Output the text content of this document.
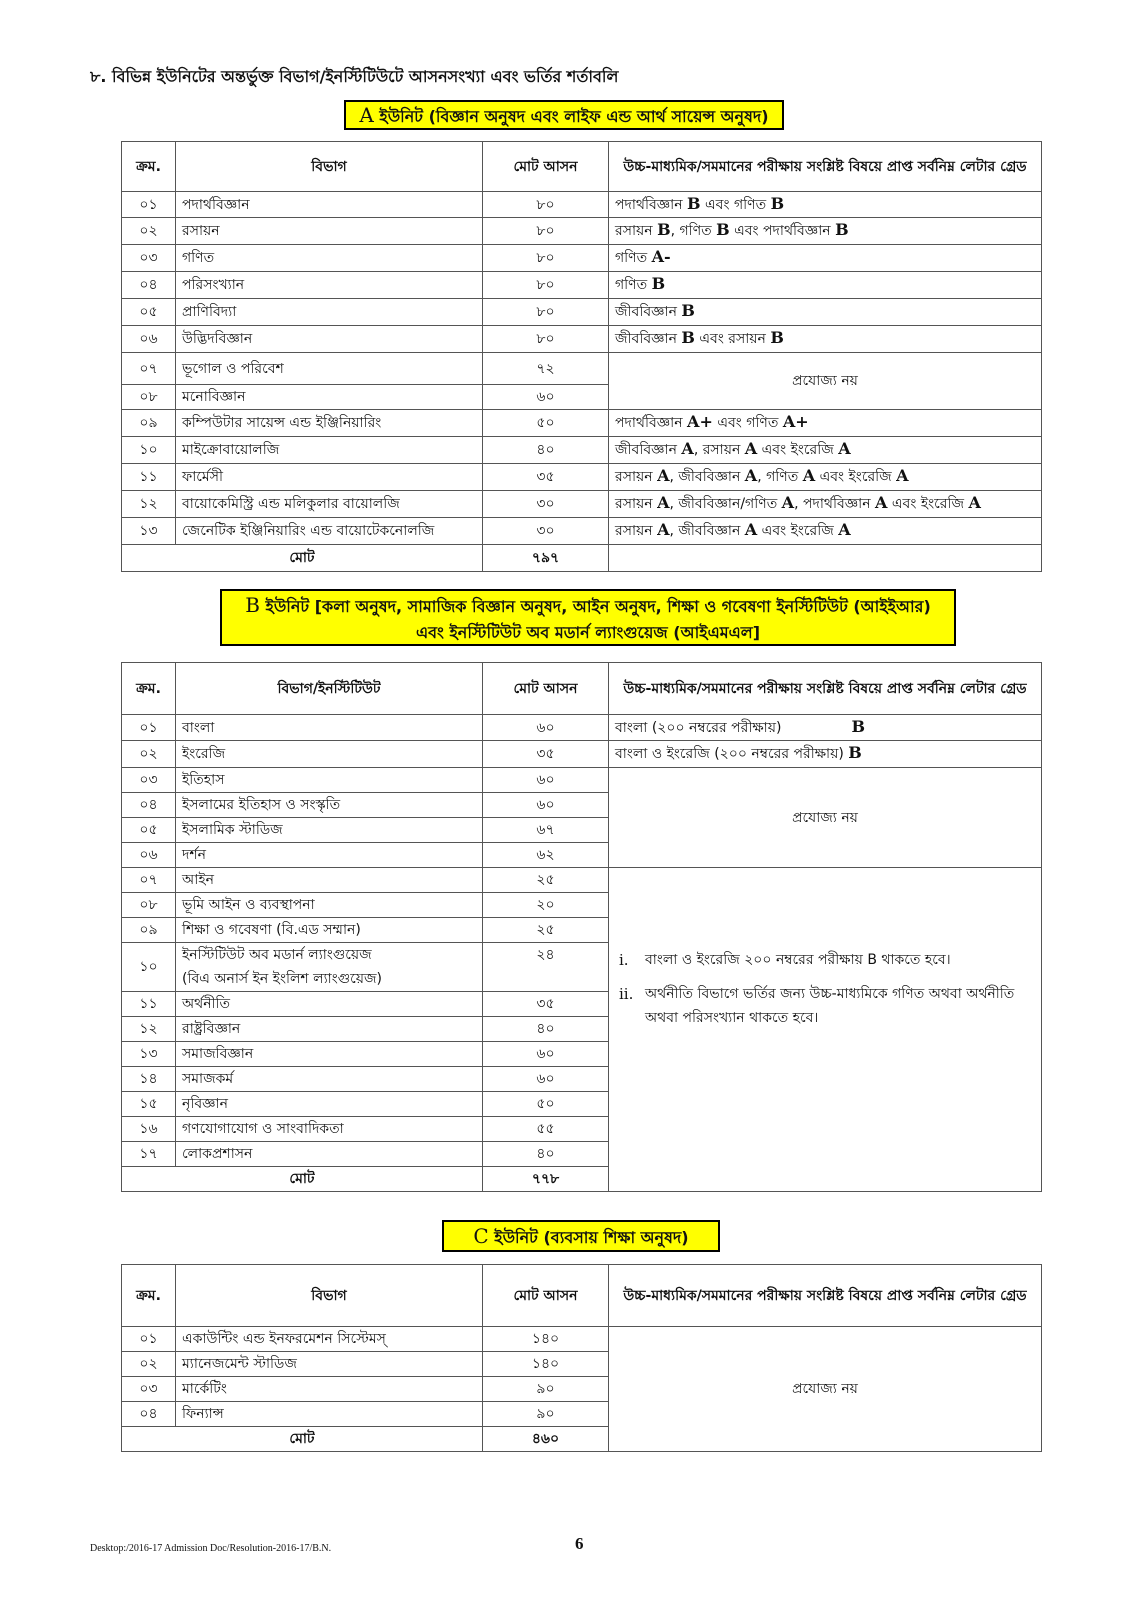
৮. বিভিন্ন ইউনিটের অন্তর্ভুক্ত বিভাগ/ইনস্টিটিউটে আসনসংখ্যা এবং ভর্তির শর্তাবলি

A ইউনিট (বিজ্ঞান অনুষদ এবং লাইফ এন্ড আর্থ সায়েন্স অনুষদ)
ক্রম.	বিভাগ	মোট আসন	উচ্চ-মাধ্যমিক/সমমানের পরীক্ষায় সংশ্লিষ্ট বিষয়ে প্রাপ্ত সর্বনিম্ন লেটার গ্রেড
০১	পদার্থবিজ্ঞান	৮০	পদার্থবিজ্ঞান B এবং গণিত B
০২	রসায়ন	৮০	রসায়ন B, গণিত B এবং পদার্থবিজ্ঞান B
০৩	গণিত	৮০	গণিত A-
০৪	পরিসংখ্যান	৮০	গণিত B
০৫	প্রাণিবিদ্যা	৮০	জীববিজ্ঞান B
০৬	উদ্ভিদবিজ্ঞান	৮০	জীববিজ্ঞান B এবং রসায়ন B
০৭	ভূগোল ও পরিবেশ	৭২	প্রযোজ্য নয়
০৮	মনোবিজ্ঞান	৬০	
০৯	কম্পিউটার সায়েন্স এন্ড ইঞ্জিনিয়ারিং	৫০	পদার্থবিজ্ঞান A+ এবং গণিত A+
১০	মাইক্রোবায়োলজি	৪০	জীববিজ্ঞান A, রসায়ন A এবং ইংরেজি A
১১	ফার্মেসী	৩৫	রসায়ন A, জীববিজ্ঞান A, গণিত A এবং ইংরেজি A
১২	বায়োকেমিস্ট্রি এন্ড মলিকুলার বায়োলজি	৩০	রসায়ন A, জীববিজ্ঞান/গণিত A, পদার্থবিজ্ঞান A এবং ইংরেজি A
১৩	জেনেটিক ইঞ্জিনিয়ারিং এন্ড বায়োটেকনোলজি	৩০	রসায়ন A, জীববিজ্ঞান A এবং ইংরেজি A
মোট		৭৯৭	
B ইউনিট [কলা অনুষদ, সামাজিক বিজ্ঞান অনুষদ, আইন অনুষদ, শিক্ষা ও গবেষণা ইনস্টিটিউট (আইইআর)
এবং ইনস্টিটিউট অব মডার্ন ল্যাংগুয়েজ (আইএমএল]
ক্রম.	বিভাগ/ইনস্টিটিউট	মোট আসন	উচ্চ-মাধ্যমিক/সমমানের পরীক্ষায় সংশ্লিষ্ট বিষয়ে প্রাপ্ত সর্বনিম্ন লেটার গ্রেড
০১	বাংলা	৬০	বাংলা (২০০ নম্বরের পরীক্ষায়) B
০২	ইংরেজি	৩৫	বাংলা ও ইংরেজি (২০০ নম্বরের পরীক্ষায়) B
০৩	ইতিহাস	৬০	প্রযোজ্য নয়
০৪	ইসলামের ইতিহাস ও সংস্কৃতি	৬০	
০৫	ইসলামিক স্টাডিজ	৬৭	
০৬	দর্শন	৬২	
০৭	আইন	২৫	i. বাংলা ও ইংরেজি ২০০ নম্বরের পরীক্ষায় B থাকতে হবে।
ii. অর্থনীতি বিভাগে ভর্তির জন্য উচ্চ-মাধ্যমিকে গণিত অথবা অর্থনীতি অথবা পরিসংখ্যান থাকতে হবে।

০৮	ভূমি আইন ও ব্যবস্থাপনা	২০	
০৯	শিক্ষা ও গবেষণা (বি.এড সম্মান)	২৫	
১০	ইনস্টিটিউট অব মডার্ন ল্যাংগুয়েজ
(বিএ অনার্স ইন ইংলিশ ল্যাংগুয়েজ)	২৪	
১১	অর্থনীতি	৩৫	
১২	রাষ্ট্রবিজ্ঞান	৪০	
১৩	সমাজবিজ্ঞান	৬০	
১৪	সমাজকর্ম	৬০	
১৫	নৃবিজ্ঞান	৫০	
১৬	গণযোগাযোগ ও সাংবাদিকতা	৫৫	
১৭	লোকপ্রশাসন	৪০	
মোট		৭৭৮	
C ইউনিট (ব্যবসায় শিক্ষা অনুষদ)
ক্রম.	বিভাগ	মোট আসন	উচ্চ-মাধ্যমিক/সমমানের পরীক্ষায় সংশ্লিষ্ট বিষয়ে প্রাপ্ত সর্বনিম্ন লেটার গ্রেড
০১	একাউন্টিং এন্ড ইনফরমেশন সিস্টেমস্	১৪০	প্রযোজ্য নয়
০২	ম্যানেজমেন্ট স্টাডিজ	১৪০	
০৩	মার্কেটিং	৯০	
০৪	ফিন্যান্স	৯০	
মোট		৪৬০	

Desktop:/2016-17 Admission Doc/Resolution-2016-17/B.N.	6
